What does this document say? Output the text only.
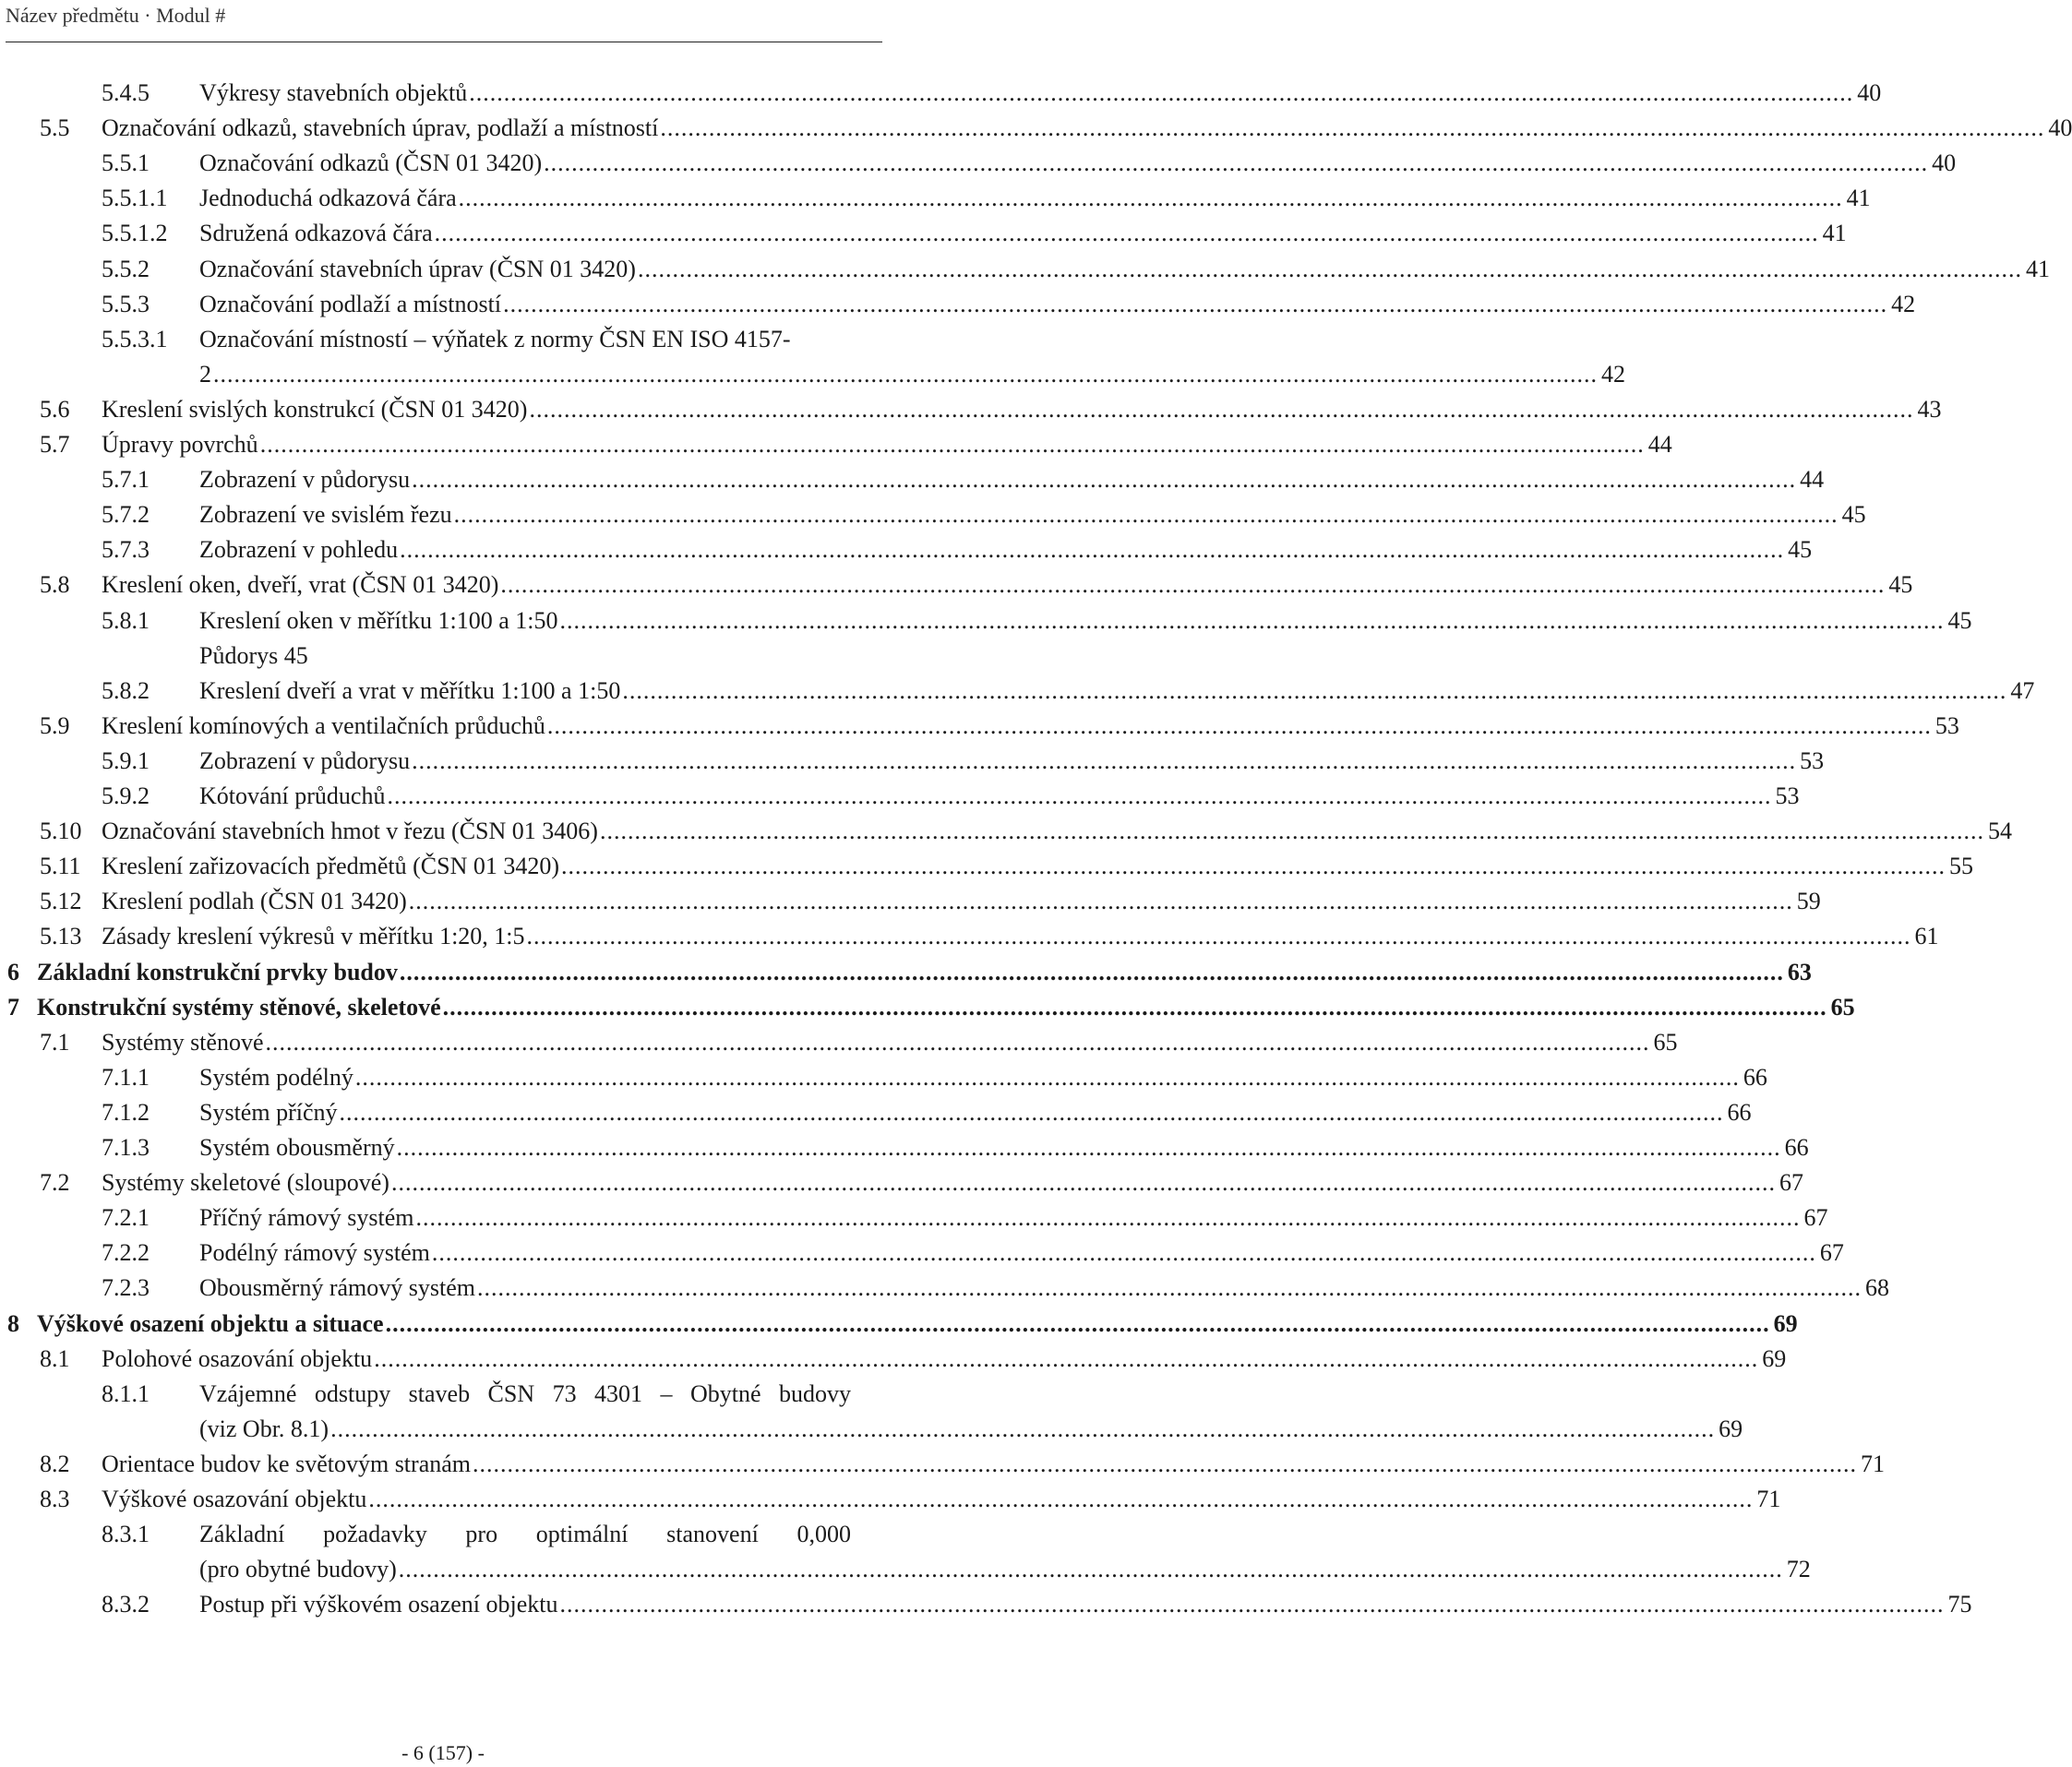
Název předmětu · Modul #
5.4.5 Výkresy stavebních objektů ........................................................................................................................................................................................................ 40
5.5 Označování odkazů, stavebních úprav, podlaží a místností ........................................................................................................................................................................................................ 40
5.5.1 Označování odkazů (ČSN 01 3420) ........................................................................................................................................................................................................ 40
5.5.1.1 Jednoduchá odkazová čára ........................................................................................................................................................................................................ 41
5.5.1.2 Sdružená odkazová čára ........................................................................................................................................................................................................ 41
5.5.2 Označování stavebních úprav (ČSN 01 3420) ........................................................................................................................................................................................................ 41
5.5.3 Označování podlaží a místností ........................................................................................................................................................................................................ 42
5.5.3.1 Označování místností – výňatek z normy ČSN EN ISO 4157-
2 ........................................................................................................................................................................................................ 42
5.6 Kreslení svislých konstrukcí (ČSN 01 3420) ........................................................................................................................................................................................................ 43
5.7 Úpravy povrchů ........................................................................................................................................................................................................ 44
5.7.1 Zobrazení v půdorysu ........................................................................................................................................................................................................ 44
5.7.2 Zobrazení ve svislém řezu ........................................................................................................................................................................................................ 45
5.7.3 Zobrazení v pohledu ........................................................................................................................................................................................................ 45
5.8 Kreslení oken, dveří, vrat (ČSN 01 3420) ........................................................................................................................................................................................................ 45
5.8.1 Kreslení oken v měřítku 1:100 a 1:50 ........................................................................................................................................................................................................ 45
Půdorys 45
5.8.2 Kreslení dveří a vrat v měřítku 1:100 a 1:50 ........................................................................................................................................................................................................ 47
5.9 Kreslení komínových a ventilačních průduchů ........................................................................................................................................................................................................ 53
5.9.1 Zobrazení v půdorysu ........................................................................................................................................................................................................ 53
5.9.2 Kótování průduchů ........................................................................................................................................................................................................ 53
5.10 Označování stavebních hmot v řezu (ČSN 01 3406) ........................................................................................................................................................................................................ 54
5.11 Kreslení zařizovacích předmětů (ČSN 01 3420) ........................................................................................................................................................................................................ 55
5.12 Kreslení podlah (ČSN 01 3420) ........................................................................................................................................................................................................ 59
5.13 Zásady kreslení výkresů v měřítku 1:20, 1:5 ........................................................................................................................................................................................................ 61
6 Základní konstrukční prvky budov ........................................................................................................................................................................................................ 63
7 Konstrukční systémy stěnové, skeletové ........................................................................................................................................................................................................ 65
7.1 Systémy stěnové ........................................................................................................................................................................................................ 65
7.1.1 Systém podélný ........................................................................................................................................................................................................ 66
7.1.2 Systém příčný ........................................................................................................................................................................................................ 66
7.1.3 Systém obousměrný ........................................................................................................................................................................................................ 66
7.2 Systémy skeletové (sloupové) ........................................................................................................................................................................................................ 67
7.2.1 Příčný rámový systém ........................................................................................................................................................................................................ 67
7.2.2 Podélný rámový systém ........................................................................................................................................................................................................ 67
7.2.3 Obousměrný rámový systém ........................................................................................................................................................................................................ 68
8 Výškové osazení objektu a situace ........................................................................................................................................................................................................ 69
8.1 Polohové osazování objektu ........................................................................................................................................................................................................ 69
8.1.1 Vzájemné odstupy staveb ČSN 73 4301 – Obytné budovy
(viz Obr. 8.1) ........................................................................................................................................................................................................ 69
8.2 Orientace budov ke světovým stranám ........................................................................................................................................................................................................ 71
8.3 Výškové osazování objektu ........................................................................................................................................................................................................ 71
8.3.1 Základní požadavky pro optimální stanovení 0,000
(pro obytné budovy) ........................................................................................................................................................................................................ 72
8.3.2 Postup při výškovém osazení objektu ........................................................................................................................................................................................................ 75
- 6 (157) -
